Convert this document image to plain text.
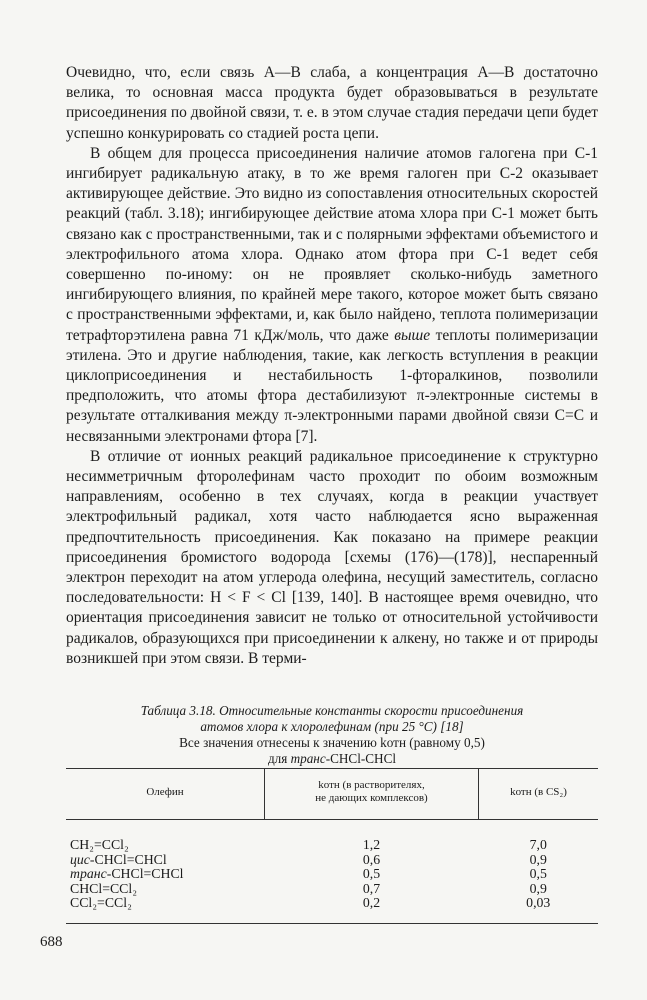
Очевидно, что, если связь A—B слаба, а концентрация A—B достаточно велика, то основная масса продукта будет образовываться в результате присоединения по двойной связи, т. е. в этом случае стадия передачи цепи будет успешно конкурировать со стадией роста цепи.

В общем для процесса присоединения наличие атомов галогена при C-1 ингибирует радикальную атаку, в то же время галоген при C-2 оказывает активирующее действие. Это видно из сопоставления относительных скоростей реакций (табл. 3.18); ингибирующее действие атома хлора при C-1 может быть связано как с пространственными, так и с полярными эффектами объемистого и электрофильного атома хлора. Однако атом фтора при C-1 ведет себя совершенно по-иному: он не проявляет сколько-нибудь заметного ингибирующего влияния, по крайней мере такого, которое может быть связано с пространственными эффектами, и, как было найдено, теплота полимеризации тетрафторэтилена равна 71 кДж/моль, что даже выше теплоты полимеризации этилена. Это и другие наблюдения, такие, как легкость вступления в реакции циклоприсоединения и нестабильность 1-фторалкинов, позволили предположить, что атомы фтора дестабилизуют π-электронные системы в результате отталкивания между π-электронными парами двойной связи C=C и несвязанными электронами фтора [7].

В отличие от ионных реакций радикальное присоединение к структурно несимметричным фторолефинам часто проходит по обоим возможным направлениям, особенно в тех случаях, когда в реакции участвует электрофильный радикал, хотя часто наблюдается ясно выраженная предпочтительность присоединения. Как показано на примере реакции присоединения бромистого водорода [схемы (176)—(178)], неспаренный электрон переходит на атом углерода олефина, несущий заместитель, согласно последовательности: H < F < Cl [139, 140]. В настоящее время очевидно, что ориентация присоединения зависит не только от относительной устойчивости радикалов, образующихся при присоединении к алкену, но также и от природы возникшей при этом связи. В терми-

Таблица 3.18. Относительные константы скорости присоединения
атомов хлора к хлоролефинам (при 25 °C) [18]
Все значения отнесены к значению kотн (равному 0,5)
для транс-CHCl-CHCl
Олефин	kотн (в растворителях,
не дающих комплексов)	kотн (в CS₂)
CH₂=CCl₂	1,2	7,0
цис-CHCl=CHCl	0,6	0,9
транс-CHCl=CHCl	0,5	0,5
CHCl=CCl₂	0,7	0,9
CCl₂=CCl₂	0,2	0,03
688
